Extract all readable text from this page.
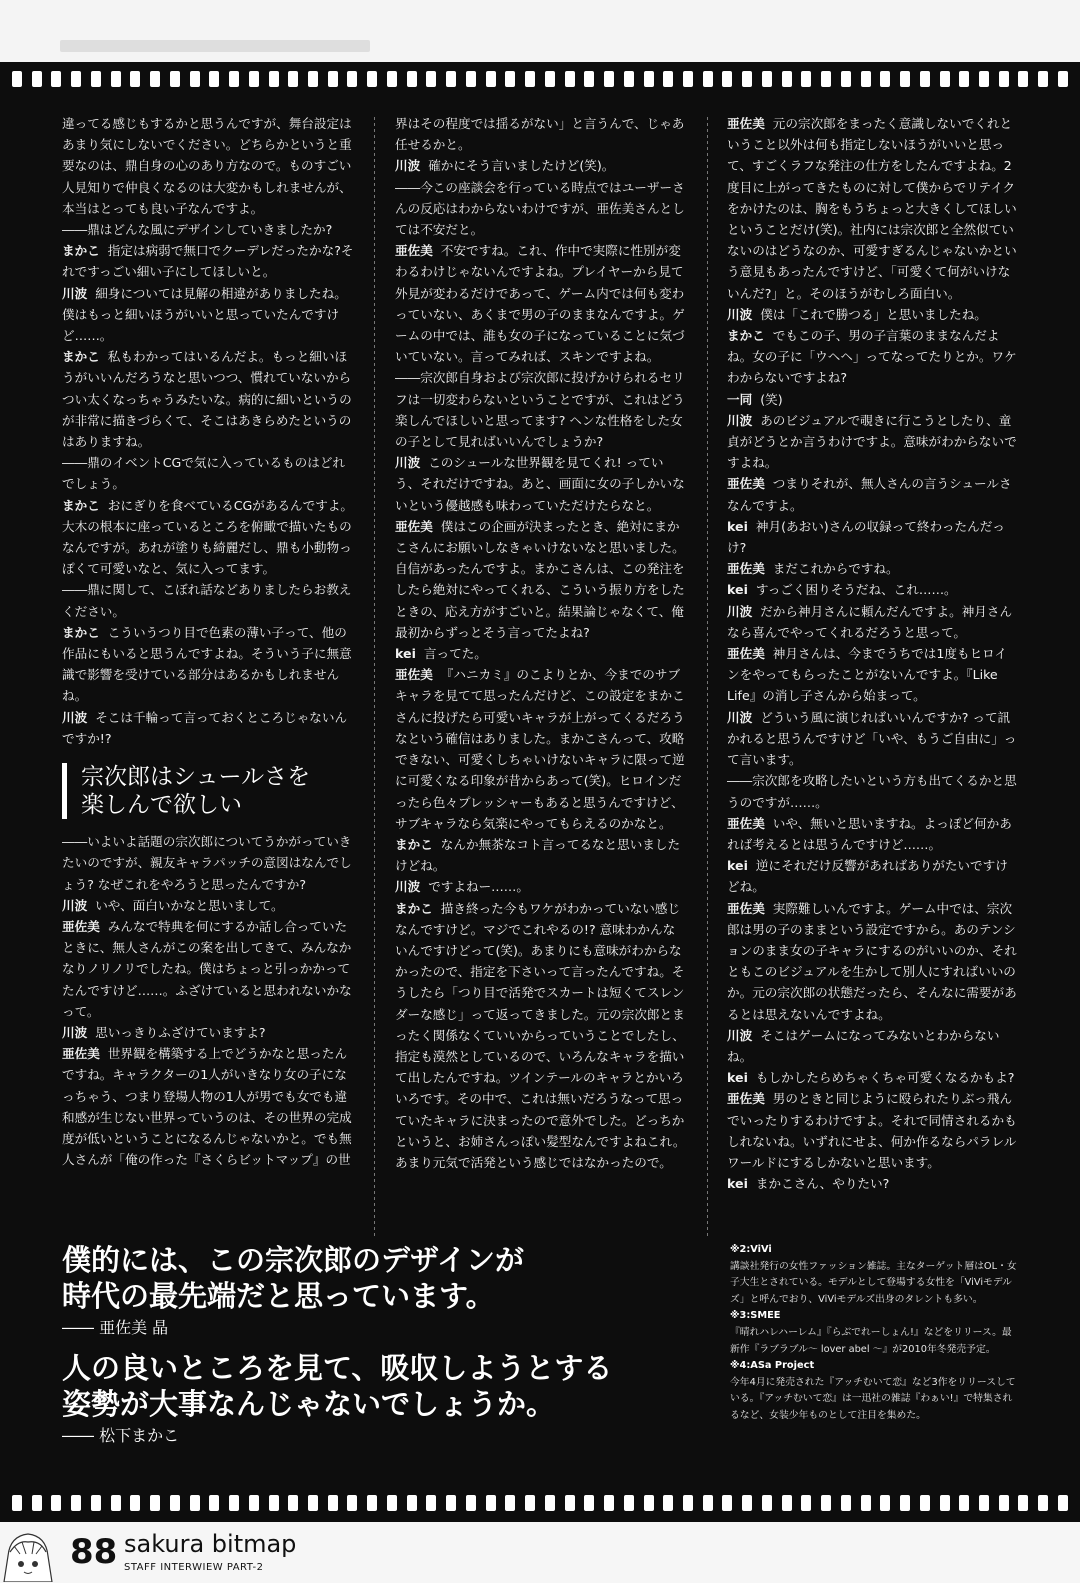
違ってる感じもするかと思うんですが、舞台設定はあまり気にしないでください。どちらかというと重要なのは、鼎自身の心のあり方なので。ものすごい人見知りで仲良くなるのは大変かもしれませんが、本当はとっても良い子なんですよ。

――鼎はどんな風にデザインしていきましたか?

まかこ 指定は病弱で無口でクーデレだったかな?それですっごい細い子にしてほしいと。

川波 細身については見解の相違がありましたね。僕はもっと細いほうがいいと思っていたんですけど……。

まかこ 私もわかってはいるんだよ。もっと細いほうがいいんだろうなと思いつつ、慣れていないからつい太くなっちゃうみたいな。病的に細いというのが非常に描きづらくて、そこはあきらめたというのはありますね。

――鼎のイベントCGで気に入っているものはどれでしょう。

まかこ おにぎりを食べているCGがあるんですよ。大木の根本に座っているところを俯瞰で描いたものなんですが。あれが塗りも綺麗だし、鼎も小動物っぽくて可愛いなと、気に入ってます。

――鼎に関して、こぼれ話などありましたらお教えください。

まかこ こういうつり目で色素の薄い子って、他の作品にもいると思うんですよね。そういう子に無意識で影響を受けている部分はあるかもしれませんね。

川波 そこは千輪って言っておくところじゃないんですか!?

宗次郎はシュールさを
楽しんで欲しい

――いよいよ話題の宗次郎についてうかがっていきたいのですが、親友キャラパッチの意図はなんでしょう? なぜこれをやろうと思ったんですか?

川波 いや、面白いかなと思いまして。

亜佐美 みんなで特典を何にするか話し合っていたときに、無人さんがこの案を出してきて、みんなかなりノリノリでしたね。僕はちょっと引っかかってたんですけど……。ふざけていると思われないかなって。

川波 思いっきりふざけていますよ?

亜佐美 世界観を構築する上でどうかなと思ったんですね。キャラクターの1人がいきなり女の子になっちゃう、つまり登場人物の1人が男でも女でも違和感が生じない世界っていうのは、その世界の完成度が低いということになるんじゃないかと。でも無人さんが「俺の作った『さくらビットマップ』の世

界はその程度では揺るがない」と言うんで、じゃあ任せるかと。

川波 確かにそう言いましたけど(笑)。

――今この座談会を行っている時点ではユーザーさんの反応はわからないわけですが、亜佐美さんとしては不安だと。

亜佐美 不安ですね。これ、作中で実際に性別が変わるわけじゃないんですよね。プレイヤーから見て外見が変わるだけであって、ゲーム内では何も変わっていない、あくまで男の子のままなんですよ。ゲームの中では、誰も女の子になっていることに気づいていない。言ってみれば、スキンですよね。

――宗次郎自身および宗次郎に投げかけられるセリフは一切変わらないということですが、これはどう楽しんでほしいと思ってます? ヘンな性格をした女の子として見ればいいんでしょうか?

川波 このシュールな世界観を見てくれ! っていう、それだけですね。あと、画面に女の子しかいないという優越感も味わっていただけたらなと。

亜佐美 僕はこの企画が決まったとき、絶対にまかこさんにお願いしなきゃいけないなと思いました。自信があったんですよ。まかこさんは、この発注をしたら絶対にやってくれる、こういう振り方をしたときの、応え方がすごいと。結果論じゃなくて、俺最初からずっとそう言ってたよね?

kei 言ってた。

亜佐美 『ハニカミ』のこよりとか、今までのサブキャラを見てて思ったんだけど、この設定をまかこさんに投げたら可愛いキャラが上がってくるだろうなという確信はありました。まかこさんって、攻略できない、可愛くしちゃいけないキャラに限って逆に可愛くなる印象が昔からあって(笑)。ヒロインだったら色々プレッシャーもあると思うんですけど、サブキャラなら気楽にやってもらえるのかなと。

まかこ なんか無茶なコト言ってるなと思いましたけどね。

川波 ですよねー……。

まかこ 描き終った今もワケがわかっていない感じなんですけど。マジでこれやるの!? 意味わかんないんですけどって(笑)。あまりにも意味がわからなかったので、指定を下さいって言ったんですね。そうしたら「つり目で活発でスカートは短くてスレンダーな感じ」って返ってきました。元の宗次郎とまったく関係なくていいからっていうことでしたし、指定も漠然としているので、いろんなキャラを描いて出したんですね。ツインテールのキャラとかいろいろです。その中で、これは無いだろうなって思っていたキャラに決まったので意外でした。どっちかというと、お姉さんっぽい髪型なんですよねこれ。あまり元気で活発という感じではなかったので。

亜佐美 元の宗次郎をまったく意識しないでくれということ以外は何も指定しないほうがいいと思って、すごくラフな発注の仕方をしたんですよね。2度目に上がってきたものに対して僕からでリテイクをかけたのは、胸をもうちょっと大きくしてほしいということだけ(笑)。社内には宗次郎と全然似ていないのはどうなのか、可愛すぎるんじゃないかという意見もあったんですけど、「可愛くて何がいけないんだ?」と。そのほうがむしろ面白い。

川波 僕は「これで勝つる」と思いましたね。

まかこ でもこの子、男の子言葉のままなんだよね。女の子に「ウヘヘ」ってなってたりとか。ワケわからないですよね?

一同 (笑)

川波 あのビジュアルで覗きに行こうとしたり、童貞がどうとか言うわけですよ。意味がわからないですよね。

亜佐美 つまりそれが、無人さんの言うシュールさなんですよ。

kei 神月(あおい)さんの収録って終わったんだっけ?

亜佐美 まだこれからですね。

kei すっごく困りそうだね、これ……。

川波 だから神月さんに頼んだんですよ。神月さんなら喜んでやってくれるだろうと思って。

亜佐美 神月さんは、今までうちでは1度もヒロインをやってもらったことがないんですよ。『Like Life』の消し子さんから始まって。

川波 どういう風に演じればいいんですか? って訊かれると思うんですけど「いや、もうご自由に」って言います。

――宗次郎を攻略したいという方も出てくるかと思うのですが……。

亜佐美 いや、無いと思いますね。よっぽど何かあれば考えるとは思うんですけど……。

kei 逆にそれだけ反響があればありがたいですけどね。

亜佐美 実際難しいんですよ。ゲーム中では、宗次郎は男の子のままという設定ですから。あのテンションのまま女の子キャラにするのがいいのか、それともこのビジュアルを生かして別人にすればいいのか。元の宗次郎の状態だったら、そんなに需要があるとは思えないんですよね。

川波 そこはゲームになってみないとわからないね。

kei もしかしたらめちゃくちゃ可愛くなるかもよ?

亜佐美 男のときと同じように殴られたりぶっ飛んでいったりするわけですよ。それで同情されるかもしれないね。いずれにせよ、何か作るならパラレルワールドにするしかないと思います。

kei まかこさん、やりたい?

僕的には、この宗次郎のデザインが
時代の最先端だと思っています。
―― 亜佐美 晶
人の良いところを見て、吸収しようとする
姿勢が大事なんじゃないでしょうか。
―― 松下まかこ
※2:ViVi
講談社発行の女性ファッション雑誌。主なターゲット層はOL・女子大生とされている。モデルとして登場する女性を「ViViモデルズ」と呼んでおり、ViViモデルズ出身のタレントも多い。
※3:SMEE
『晴れハレハーレム』『らぶでれーしょん!』などをリリース。最新作『ラブラブル～ lover abel ～』が2010年冬発売予定。
※4:ASa Project
今年4月に発売された『アッチむいて恋』など3作をリリースしている。『アッチむいて恋』は一迅社の雑誌『わぁい!』で特集されるなど、女装少年ものとして注目を集めた。
88 sakura bitmap
STAFF INTERWIEW PART-2
